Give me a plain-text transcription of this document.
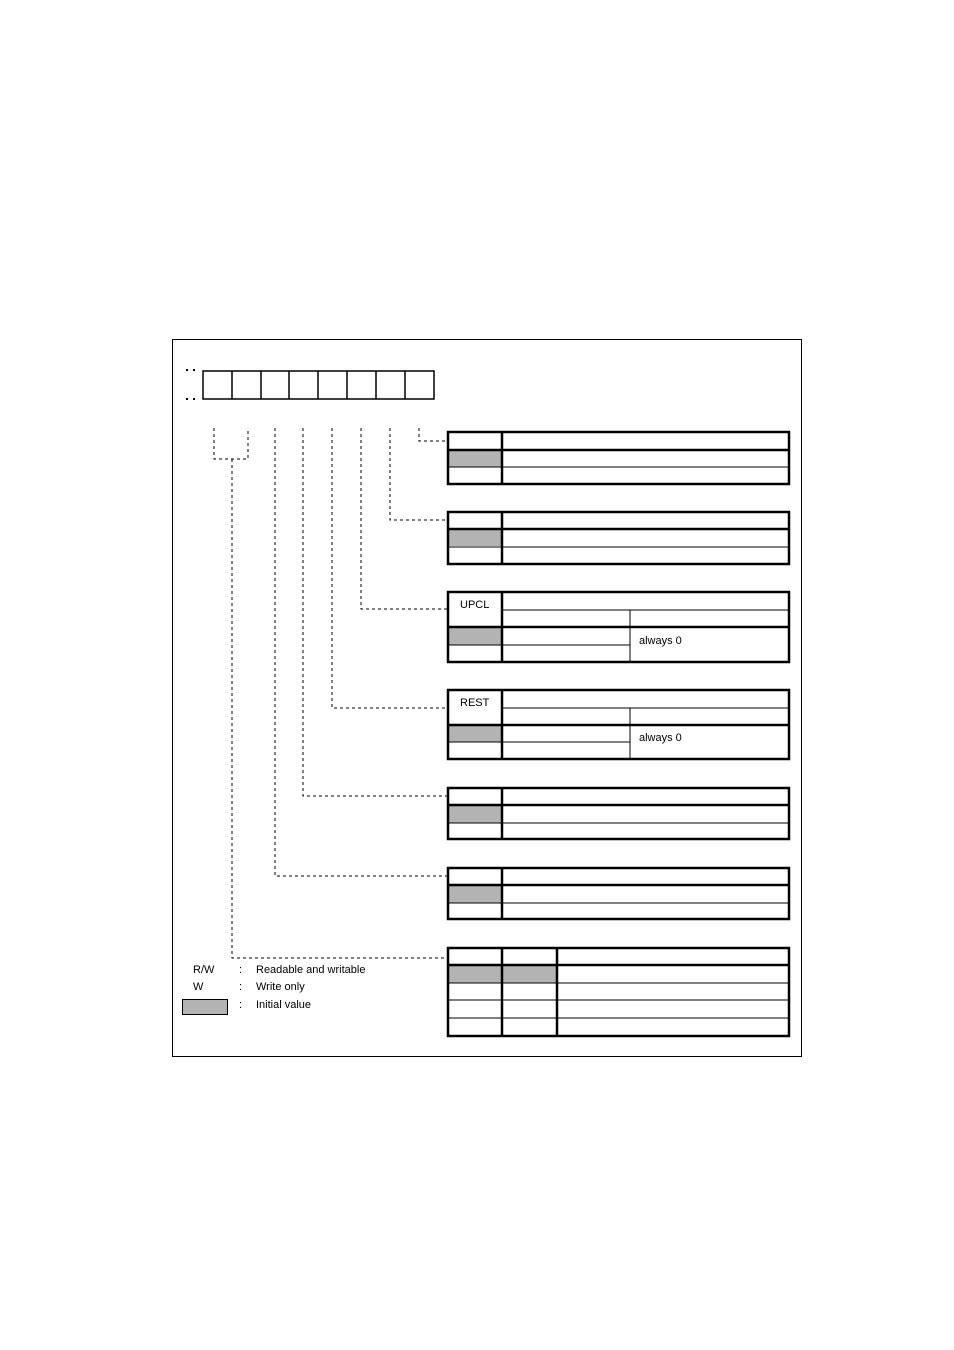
UPCL
always 0
REST
always 0
R/W : Readable and writable
W	: Write only
: Initial value
